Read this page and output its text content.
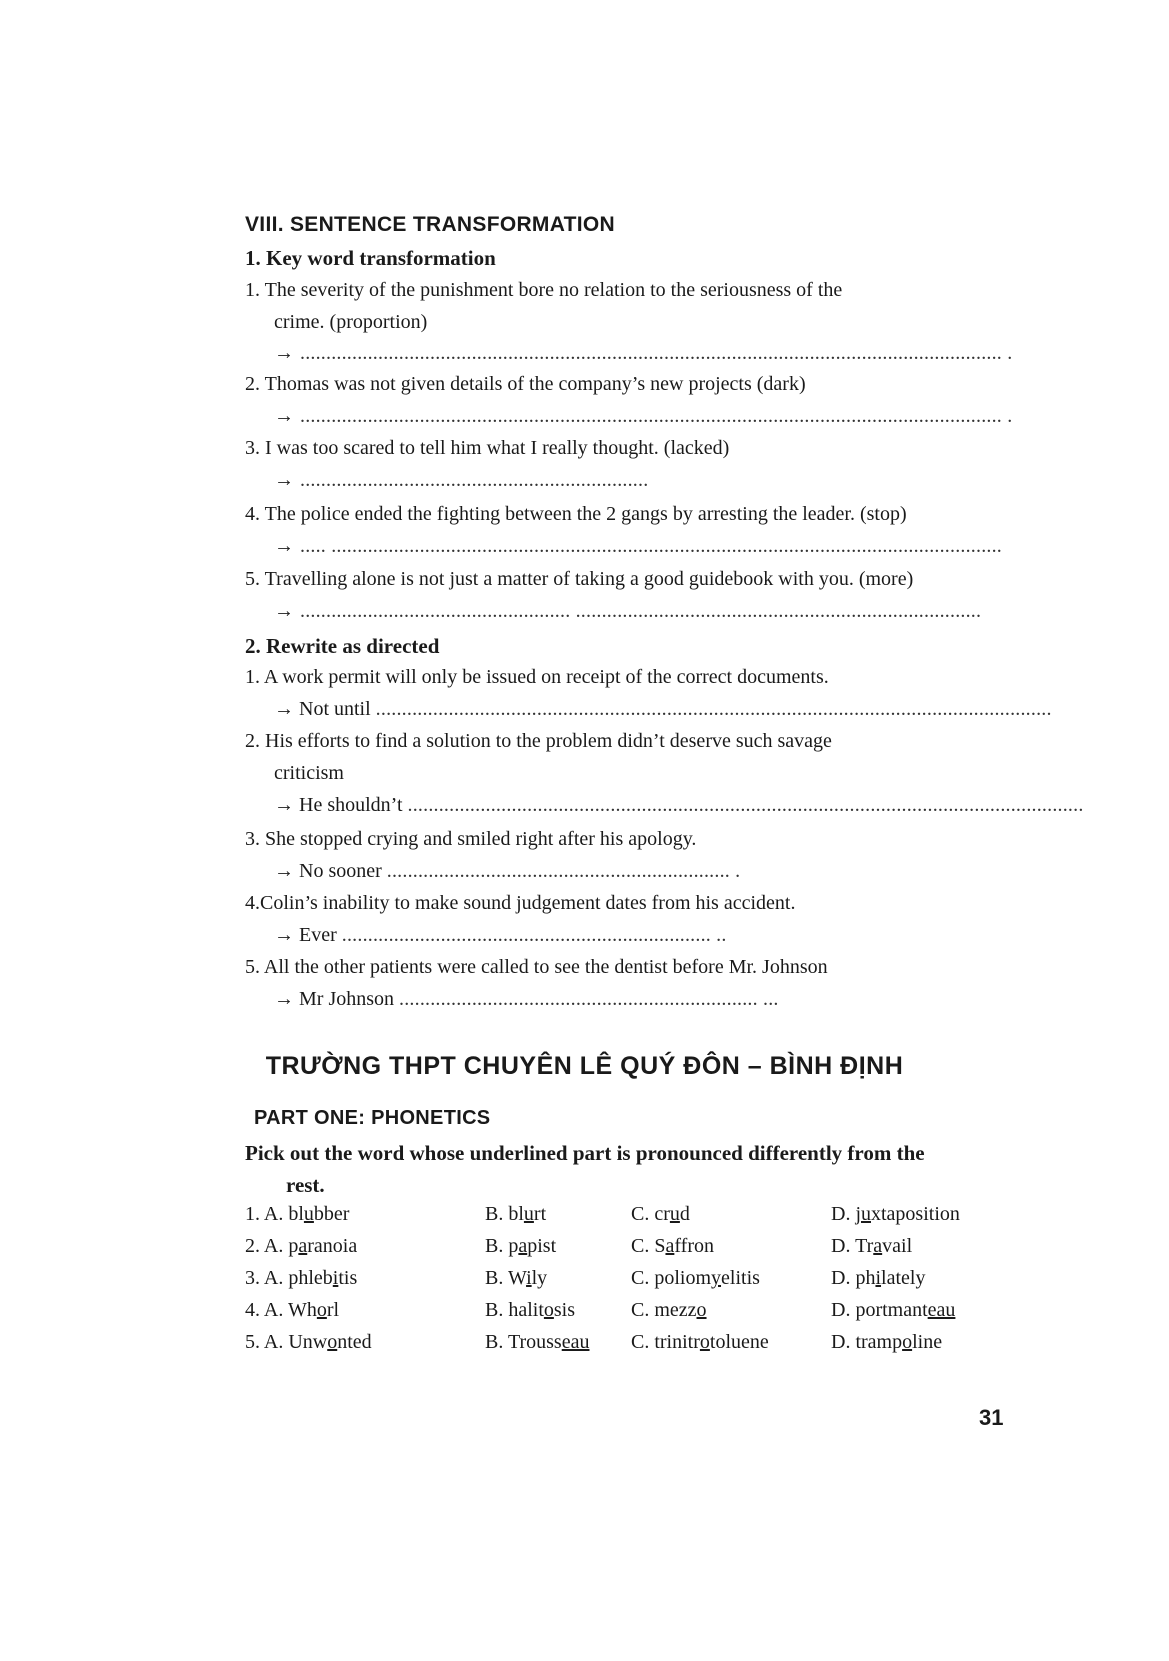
VIII. SENTENCE TRANSFORMATION
1. Key word transformation
1. The severity of the punishment bore no relation to the seriousness of the
crime. (proportion)
→ ....................................................................................................................................... .
2. Thomas was not given details of the company’s new projects (dark)
→ ....................................................................................................................................... .
3. I was too scared to tell him what I really thought. (lacked)
→ ...................................................................
4. The police ended the fighting between the 2 gangs by arresting the leader. (stop)
→ ..... .................................................................................................................................
5. Travelling alone is not just a matter of taking a good guidebook with you. (more)
→ .................................................... ..............................................................................
2. Rewrite as directed
1. A work permit will only be issued on receipt of the correct documents.
→ Not until ..................................................................................................................................
2. His efforts to find a solution to the problem didn’t deserve such savage
criticism
→ He shouldn’t ..................................................................................................................................
3. She stopped crying and smiled right after his apology.
→ No sooner .................................................................. .
4.Colin’s inability to make sound judgement dates from his accident.
→ Ever ....................................................................... ..
5. All the other patients were called to see the dentist before Mr. Johnson
→ Mr Johnson ..................................................................... ...
TRƯỜNG THPT CHUYÊN LÊ QUÝ ĐÔN – BÌNH ĐỊNH
PART ONE: PHONETICS
Pick out the word whose underlined part is pronounced differently from the
rest.
1. A. blubber	B. blurt	C. crud	D. juxtaposition
2. A. paranoia	B. papist	C. Saffron	D. Travail
3. A. phlebitis	B. Wily	C. poliomyelitis	D. philately
4. A. Whorl	B. halitosis	C. mezzo	D. portmanteau
5. A. Unwonted	B. Trousseau	C. trinitrotoluene	D. trampoline
31
